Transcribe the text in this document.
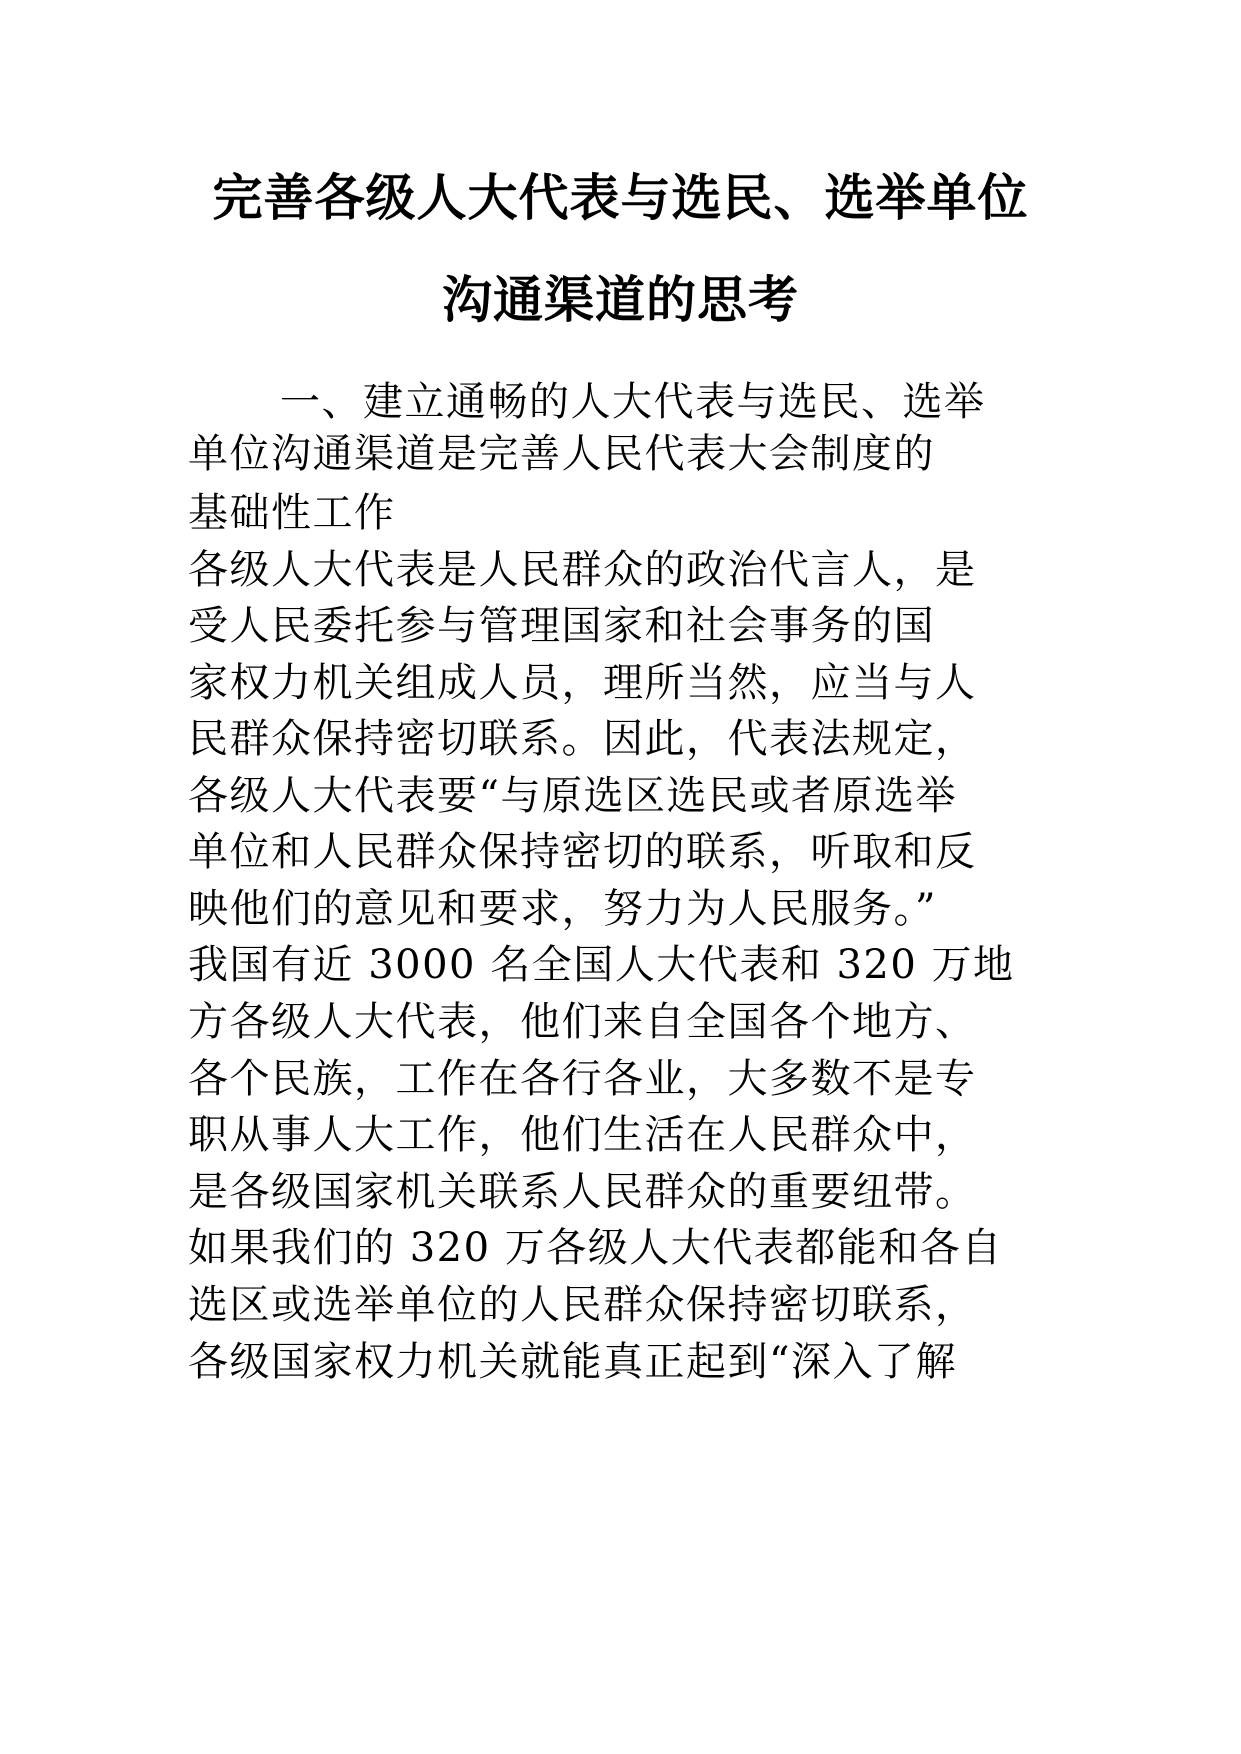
完善各级人大代表与选民、选举单位
沟通渠道的思考
一、建立通畅的人大代表与选民、选举
单位沟通渠道是完善人民代表大会制度的
基础性工作
各级人大代表是人民群众的政治代言人，是
受人民委托参与管理国家和社会事务的国
家权力机关组成人员，理所当然，应当与人
民群众保持密切联系。因此，代表法规定，
各级人大代表要“与原选区选民或者原选举
单位和人民群众保持密切的联系，听取和反
映他们的意见和要求，努力为人民服务。”
我国有近 3000 名全国人大代表和 320 万地
方各级人大代表，他们来自全国各个地方、
各个民族，工作在各行各业，大多数不是专
职从事人大工作，他们生活在人民群众中，
是各级国家机关联系人民群众的重要纽带。
如果我们的 320 万各级人大代表都能和各自
选区或选举单位的人民群众保持密切联系，
各级国家权力机关就能真正起到“深入了解
